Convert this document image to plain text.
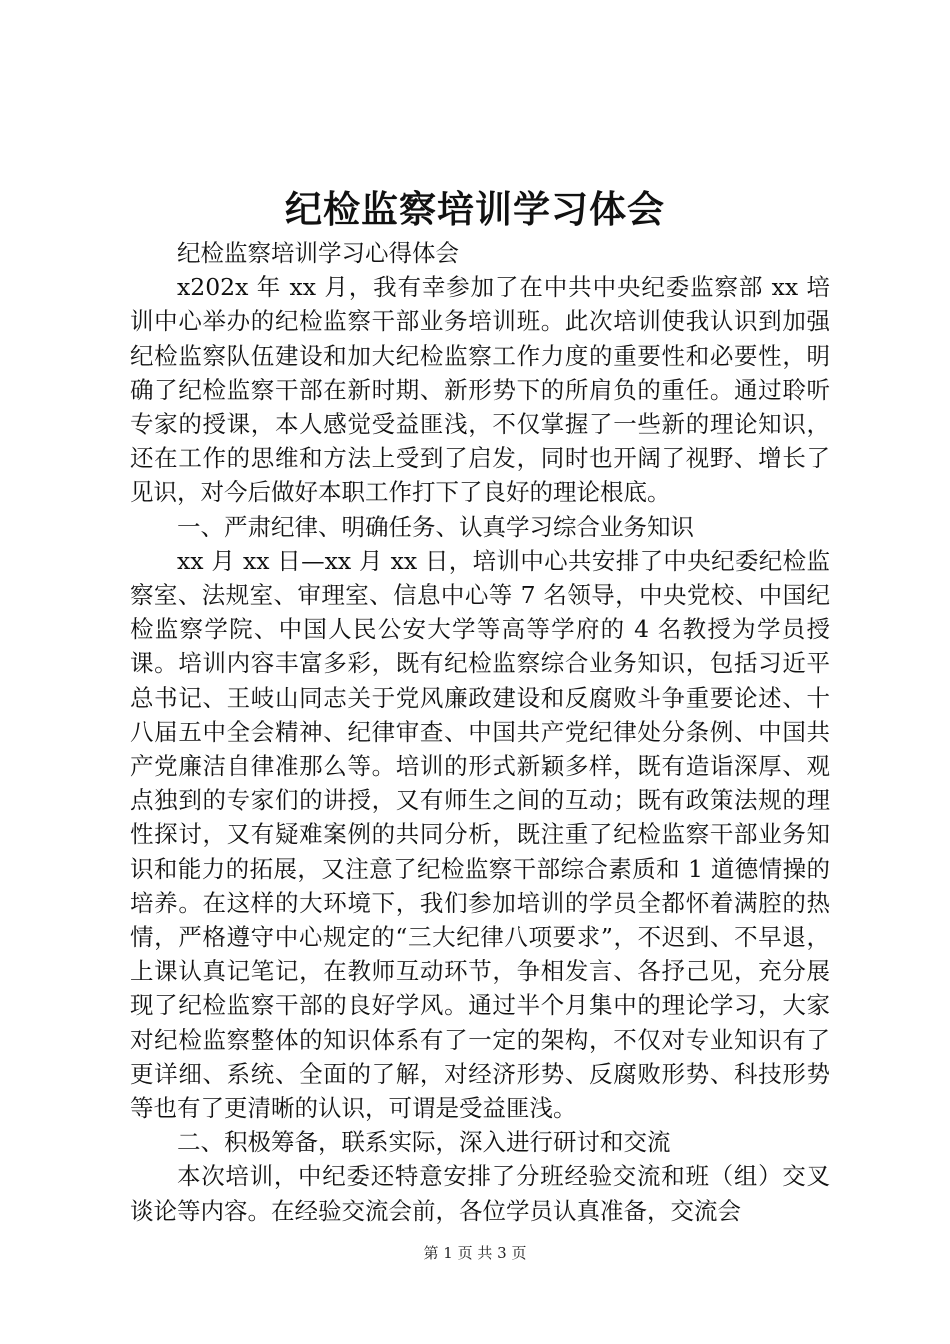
纪检监察培训学习体会

纪检监察培训学习心得体会

x202x 年 xx 月，我有幸参加了在中共中央纪委监察部 xx 培训中心举办的纪检监察干部业务培训班。此次培训使我认识到加强纪检监察队伍建设和加大纪检监察工作力度的重要性和必要性，明确了纪检监察干部在新时期、新形势下的所肩负的重任。通过聆听专家的授课，本人感觉受益匪浅，不仅掌握了一些新的理论知识，还在工作的思维和方法上受到了启发，同时也开阔了视野、增长了见识，对今后做好本职工作打下了良好的理论根底。

一、严肃纪律、明确任务、认真学习综合业务知识

xx 月 xx 日—xx 月 xx 日，培训中心共安排了中央纪委纪检监察室、法规室、审理室、信息中心等 7 名领导，中央党校、中国纪检监察学院、中国人民公安大学等高等学府的 4 名教授为学员授课。培训内容丰富多彩，既有纪检监察综合业务知识，包括习近平总书记、王岐山同志关于党风廉政建设和反腐败斗争重要论述、十八届五中全会精神、纪律审查、中国共产党纪律处分条例、中国共产党廉洁自律准那么等。培训的形式新颖多样，既有造诣深厚、观点独到的专家们的讲授，又有师生之间的互动；既有政策法规的理性探讨，又有疑难案例的共同分析，既注重了纪检监察干部业务知识和能力的拓展，又注意了纪检监察干部综合素质和 1 道德情操的培养。在这样的大环境下，我们参加培训的学员全都怀着满腔的热情，严格遵守中心规定的“三大纪律八项要求”，不迟到、不早退，上课认真记笔记，在教师互动环节，争相发言、各抒己见，充分展现了纪检监察干部的良好学风。通过半个月集中的理论学习，大家对纪检监察整体的知识体系有了一定的架构，不仅对专业知识有了更详细、系统、全面的了解，对经济形势、反腐败形势、科技形势等也有了更清晰的认识，可谓是受益匪浅。

二、积极筹备，联系实际，深入进行研讨和交流

本次培训，中纪委还特意安排了分班经验交流和班（组）交叉谈论等内容。在经验交流会前，各位学员认真准备，交流会

第 1 页 共 3 页
